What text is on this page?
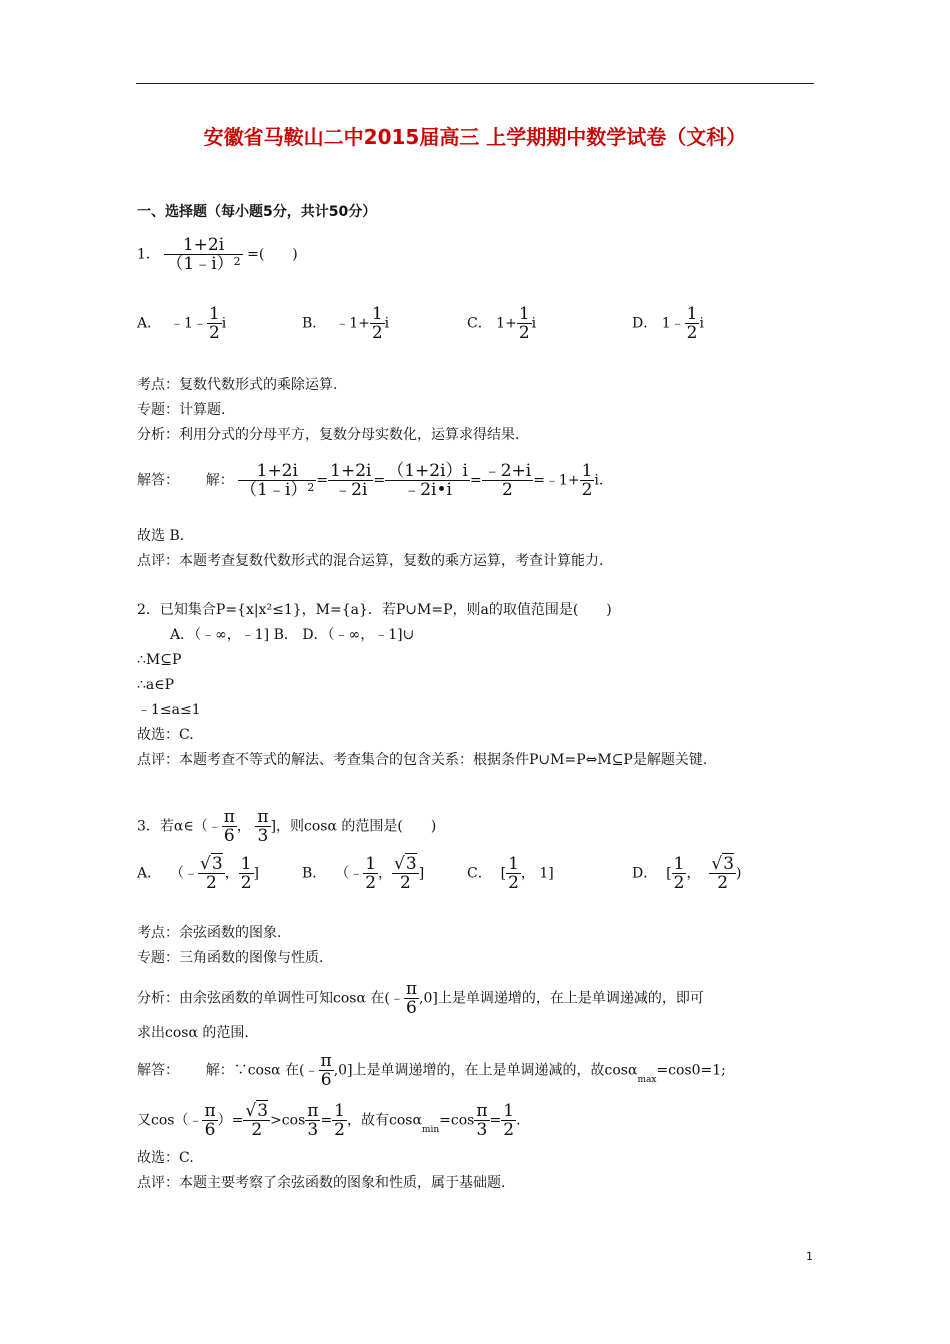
安徽省马鞍山二中2015届高三 上学期期中数学试卷（文科）
一、选择题（每小题5分，共计50分）
1． $\frac{1+2i}{(1﹣i)^2}$ =(　　)
A． ﹣1﹣ $\frac{1}{2}$ i	B． ﹣1+ $\frac{1}{2}$ i	C． $1+ \frac{1}{2}$ i	D． 1﹣ $\frac{1}{2}$ i
考点：复数代数形式的乘除运算.
专题：计算题.
分析：利用分式的分母平方，复数分母实数化，运算求得结果.
解答： 解： $\frac{1+2i}{(1﹣i)^2} = \frac{1+2i}{﹣2i} = \frac{(1+2i)i}{﹣2i•i} = \frac{﹣2+i}{2}$ =﹣1+ $\frac{1}{2} i$.
故选 B.
点评：本题考查复数代数形式的混合运算，复数的乘方运算，考查计算能力.
2．已知集合P={x|x²≤1}，M={a}．若P∪M=P，则a的取值范围是(　　)
A．（﹣∞，﹣1] B． D．（﹣∞，﹣1]∪
∴M⊆P
∴a∈P
﹣1≤a≤1
故选：C.
点评：本题考查不等式的解法、考查集合的包含关系：根据条件P∪M=P⇔M⊆P是解题关键.
3．若α∈（﹣ $\frac{\pi}{6}$ ， $\frac{\pi}{3}$ ]，则cosα 的范围是(　　)
A．  （﹣ $\frac{√3}{2}$ ， $\frac{1}{2}$ ]	B．  （﹣ $\frac{1}{2}$ ， $\frac{√3}{2}$ ]	C．  [ $\frac{1}{2}$ ， 1]	D．  [ $\frac{1}{2}$ ， $\frac{√3}{2}$ )
考点：余弦函数的图象.
专题：三角函数的图像与性质.
分析：由余弦函数的单调性可知cosα 在(﹣ $\frac{\pi}{6} ,0$]上是单调递增的，在上是单调递减的，即可
求出cosα 的范围.
解答： 解：∵cosα 在(﹣ $\frac{\pi}{6} ,0$]上是单调递增的，在上是单调递减的，故cosαmax=cos0=1;
又cos（﹣ $\frac{\pi}{6}$ ）= $\frac{√3}{2} >\cos \frac{\pi}{3} = \frac{1}{2}$ ，故有$\cos\alpha\min=\cos \frac{\pi}{3} = \frac{1}{2}$ .
故选：C.
点评：本题主要考察了余弦函数的图象和性质，属于基础题.
1
